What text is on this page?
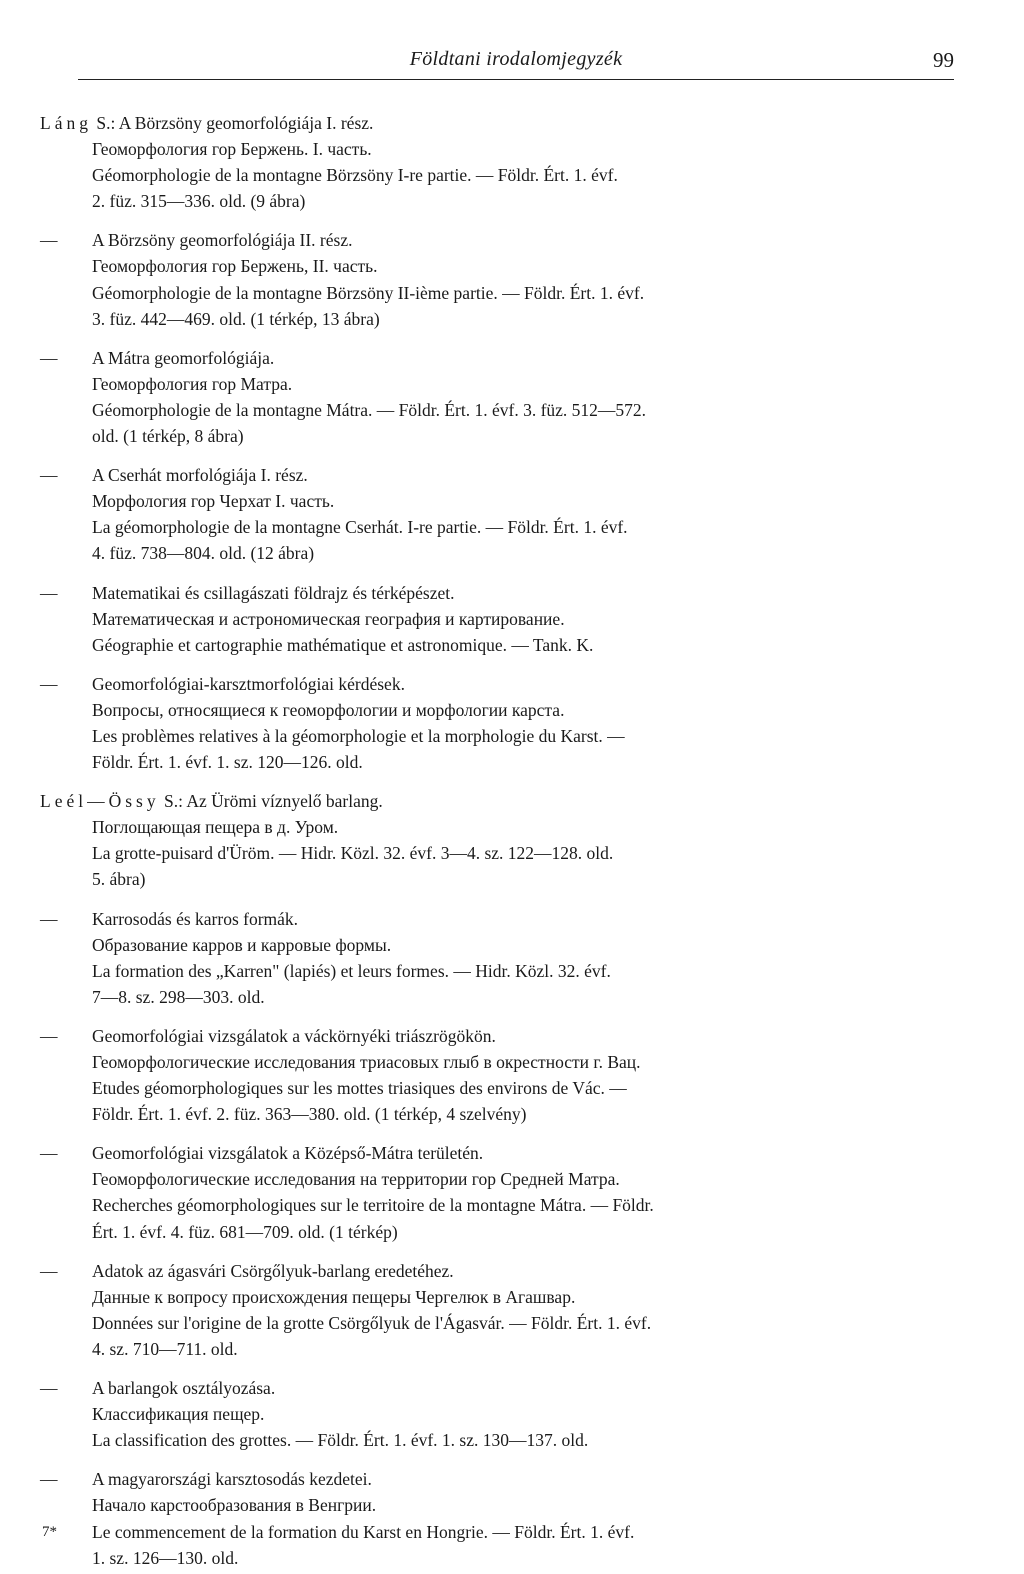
Földtani irodalomjegyzék	99
Láng S.: A Börzsöny geomorfológiája I. rész.
Геоморфология гор Бержень. I. часть.
Géomorphologie de la montagne Börzsöny I-re partie. — Földr. Ért. 1. évf.
2. füz. 315—336. old. (9 ábra)
—	A Börzsöny geomorfológiája II. rész.
Геоморфология гор Бержень, II. часть.
Géomorphologie de la montagne Börzsöny II-ième partie. — Földr. Ért. 1. évf.
3. füz. 442—469. old. (1 térkép, 13 ábra)
—	A Mátra geomorfológiája.
Геоморфология гор Матра.
Géomorphologie de la montagne Mátra. — Földr. Ért. 1. évf. 3. füz. 512—572.
old. (1 térkép, 8 ábra)
—	A Cserhát morfológiája I. rész.
Морфология гор Черхат I. часть.
La géomorphologie de la montagne Cserhát. I-re partie. — Földr. Ért. 1. évf.
4. füz. 738—804. old. (12 ábra)
—	Matematikai és csillagászati földrajz és térképészet.
Математическая и астрономическая география и картирование.
Géographie et cartographie mathématique et astronomique. — Tank. K.
—	Geomorfológiai-karsztmorfológiai kérdések.
Вопросы, относящиеся к геоморфологии и морфологии карста.
Les problèmes relatives à la géomorphologie et la morphologie du Karst. —
Földr. Ért. 1. évf. 1. sz. 120—126. old.
Leél—Össy S.: Az Ürömi víznyelő barlang.
Поглощающая пещера в д. Уром.
La grotte-puisard d'Üröm. — Hidr. Közl. 32. évf. 3—4. sz. 122—128. old.
5. ábra)
—	Karrosodás és karros formák.
Образование карров и карровые формы.
La formation des „Karren" (lapiés) et leurs formes. — Hidr. Közl. 32. évf.
7—8. sz. 298—303. old.
—	Geomorfológiai vizsgálatok a váckörnyéki triászrögökön.
Геоморфологические исследования триасовых глыб в окрестности г. Вац.
Etudes géomorphologiques sur les mottes triasiques des environs de Vác. —
Földr. Ért. 1. évf. 2. füz. 363—380. old. (1 térkép, 4 szelvény)
—	Geomorfológiai vizsgálatok a Középső-Mátra területén.
Геоморфологические исследования на территории гор Средней Матра.
Recherches géomorphologiques sur le territoire de la montagne Mátra. — Földr.
Ért. 1. évf. 4. füz. 681—709. old. (1 térkép)
—	Adatok az ágasvári Csörgőlyuk-barlang eredetéhez.
Данные к вопросу происхождения пещеры Чергелюк в Агашвар.
Données sur l'origine de la grotte Csörgőlyuk de l'Ágasvár. — Földr. Ért. 1. évf.
4. sz. 710—711. old.
—	A barlangok osztályozása.
Классификация пещер.
La classification des grottes. — Földr. Ért. 1. évf. 1. sz. 130—137. old.
—	A magyarországi karsztosodás kezdetei.
Начало карстообразования в Венгрии.
Le commencement de la formation du Karst en Hongrie. — Földr. Ért. 1. évf.
1. sz. 126—130. old.
7*
